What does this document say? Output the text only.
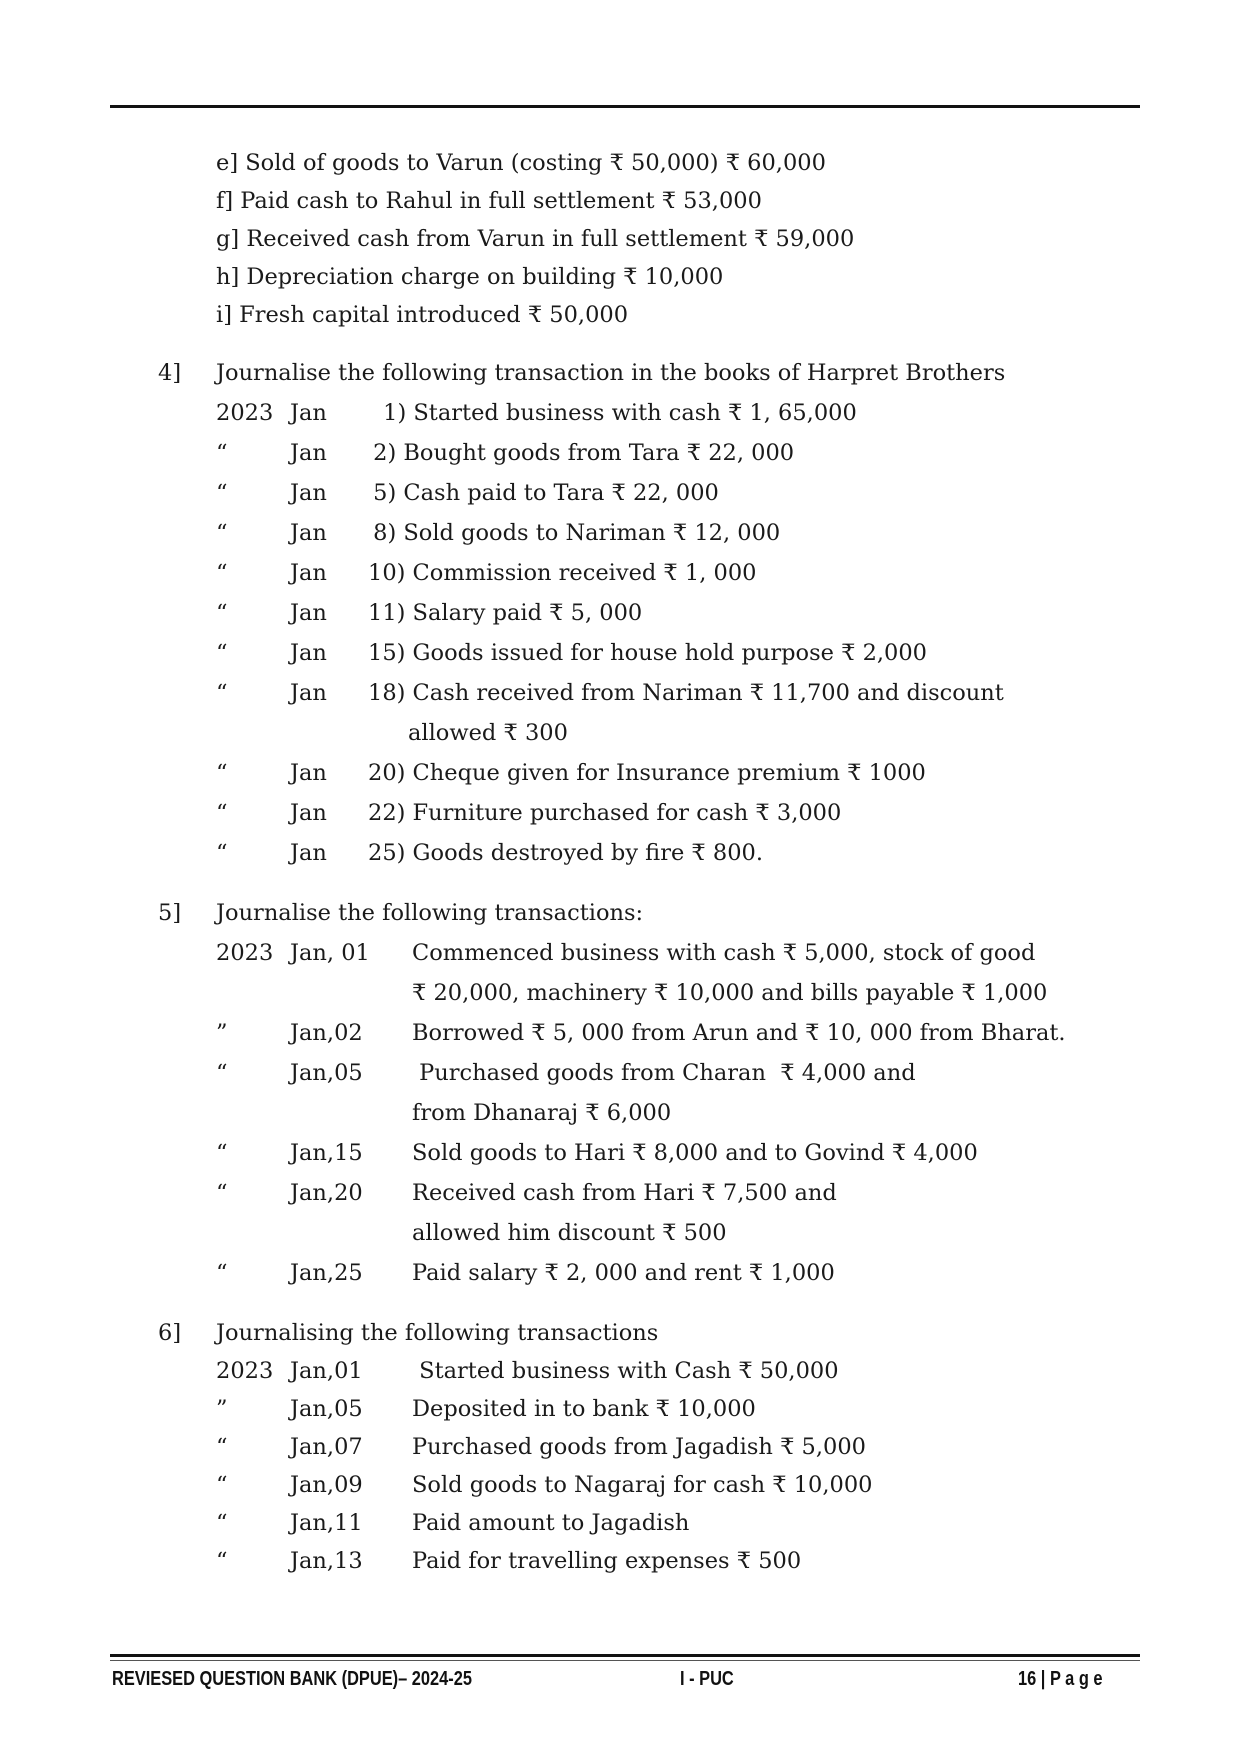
e] Sold of goods to Varun (costing ₹ 50,000) ₹ 60,000
f] Paid cash to Rahul in full settlement ₹ 53,000
g] Received cash from Varun in full settlement ₹ 59,000
h] Depreciation charge on building ₹ 10,000
i] Fresh capital introduced ₹ 50,000
4] Journalise the following transaction in the books of Harpret Brothers
2023 Jan 1) Started business with cash ₹ 1, 65,000
“	Jan 2) Bought goods from Tara ₹ 22, 000
“	Jan 5) Cash paid to Tara ₹ 22, 000
“	Jan 8) Sold goods to Nariman ₹ 12, 000
“	Jan 10) Commission received ₹ 1, 000
“	Jan 11) Salary paid ₹ 5, 000
“	Jan 15) Goods issued for house hold purpose ₹ 2,000
“	Jan 18) Cash received from Nariman ₹ 11,700 and discount
allowed ₹ 300
“	Jan 20) Cheque given for Insurance premium ₹ 1000
“	Jan 22) Furniture purchased for cash ₹ 3,000
“	Jan 25) Goods destroyed by fire ₹ 800.
5] Journalise the following transactions:
2023 Jan, 01 Commenced business with cash ₹ 5,000, stock of good
₹ 20,000, machinery ₹ 10,000 and bills payable ₹ 1,000
”	Jan,02 Borrowed ₹ 5, 000 from Arun and ₹ 10, 000 from Bharat.
“	Jan,05 Purchased goods from Charan  ₹ 4,000 and
from Dhanaraj ₹ 6,000
“	Jan,15 Sold goods to Hari ₹ 8,000 and to Govind ₹ 4,000
“	Jan,20 Received cash from Hari ₹ 7,500 and
allowed him discount ₹ 500
“	Jan,25 Paid salary ₹ 2, 000 and rent ₹ 1,000
6] Journalising the following transactions
2023 Jan,01 Started business with Cash ₹ 50,000
”	Jan,05 Deposited in to bank ₹ 10,000
“	Jan,07 Purchased goods from Jagadish ₹ 5,000
“	Jan,09 Sold goods to Nagaraj for cash ₹ 10,000
“	Jan,11 Paid amount to Jagadish
“	Jan,13 Paid for travelling expenses ₹ 500
REVIESED QUESTION BANK (DPUE)– 2024-25	I - PUC	16 | P a g e
